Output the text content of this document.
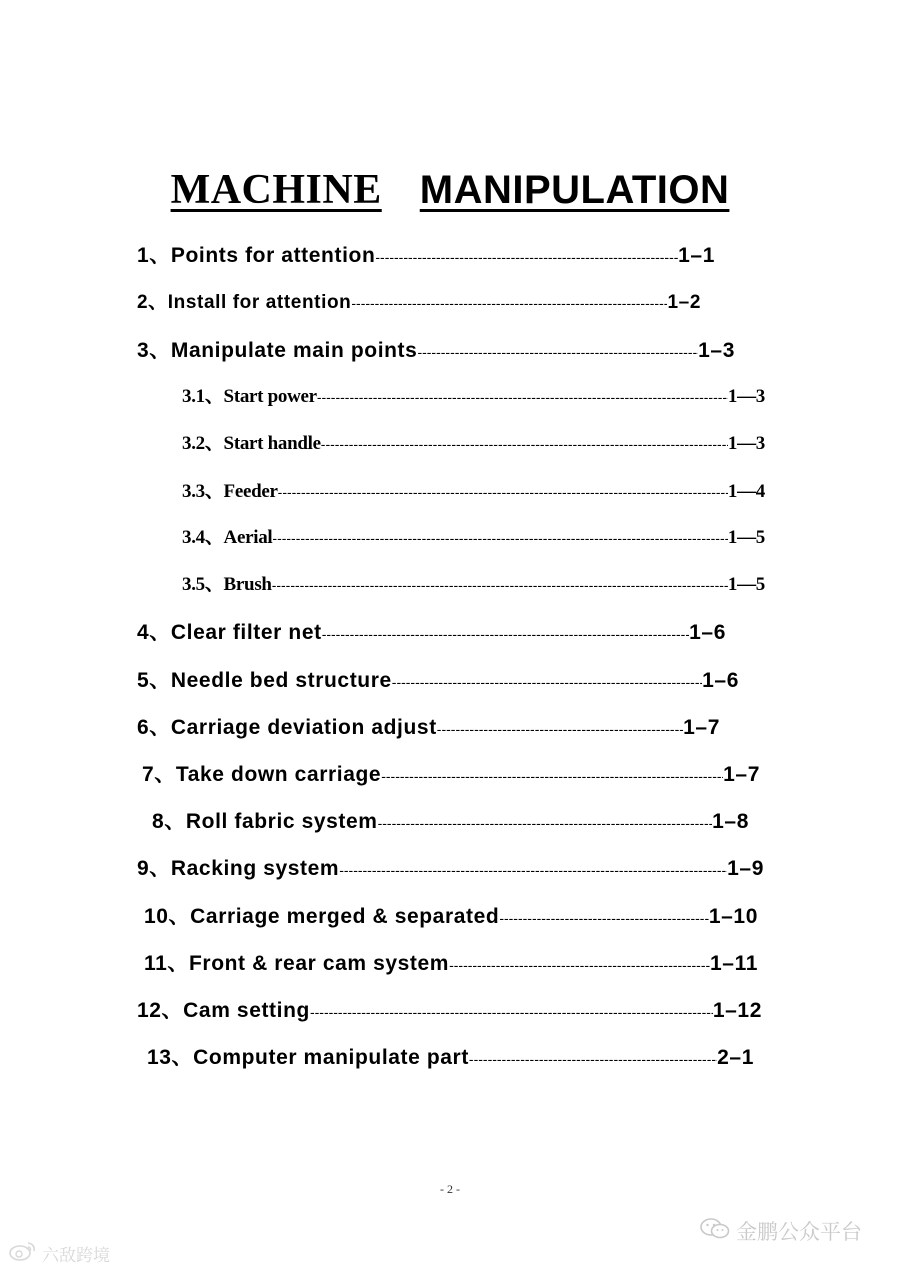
MACHINE MANIPULATION
1、Points for attention -----	1–1
2、Install for attention -----	1–2
3、Manipulate main points -----	1–3
3.1、Start power -----	1—3
3.2、Start handle -----	1—3
3.3、Feeder -----	1—4
3.4、Aerial -----	1—5
3.5、Brush -----	1—5
4、Clear filter net -----	1–6
5、Needle bed structure -----	1–6
6、Carriage deviation adjust -----	1–7
7、Take down carriage -----	1–7
8、Roll fabric system -----	1–8
9、Racking system -----	1–9
10、Carriage merged & separated -----	1–10
11、Front & rear cam system -----	1–11
12、Cam setting -----	1–12
13、Computer manipulate part -----	2–1
- 2 -
金鹏公众平台
六敌跨境
